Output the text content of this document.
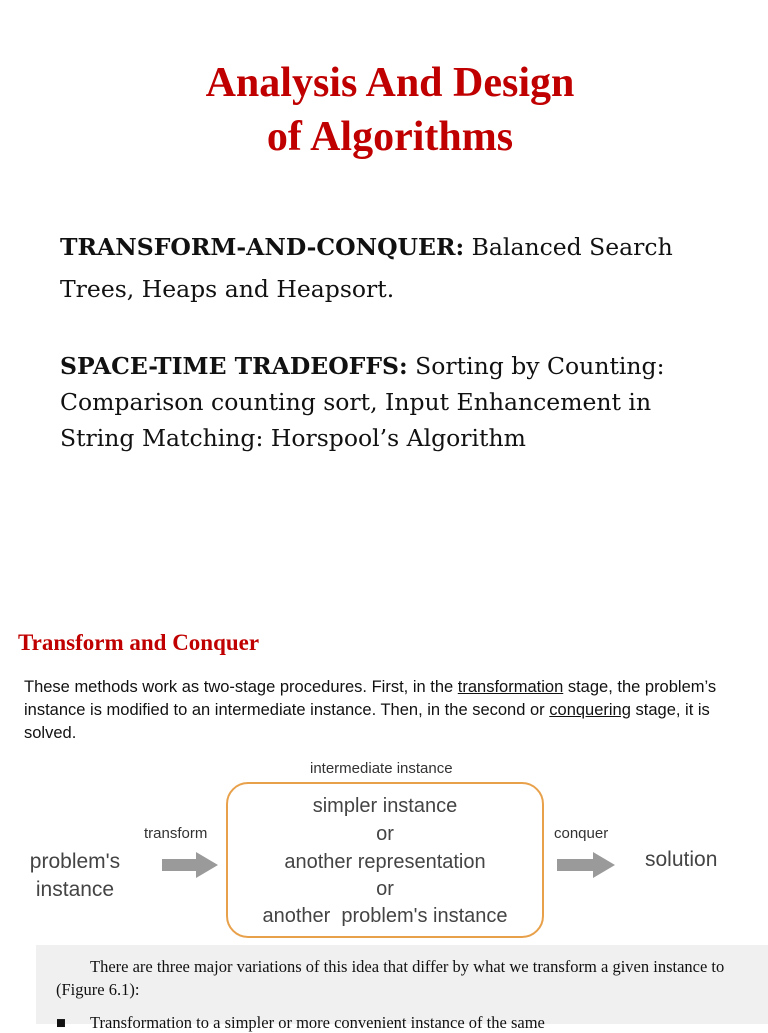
Analysis And Design
of Algorithms

TRANSFORM-AND-CONQUER: Balanced Search Trees, Heaps and Heapsort.

SPACE-TIME TRADEOFFS: Sorting by Counting: Comparison counting sort, Input Enhancement in String Matching: Horspool’s Algorithm

Transform and Conquer

These methods work as two-stage procedures. First, in the transformation stage, the problem’s instance is modified to an intermediate instance. Then, in the second or conquering stage, it is solved.

intermediate instance
transform	conquer
problem's instance
solution
simpler instance
or
another representation
or
another  problem's instance

There are three major variations of this idea that differ by what we transform a given instance to (Figure 6.1):

■ Transformation to a simpler or more convenient instance of the same
